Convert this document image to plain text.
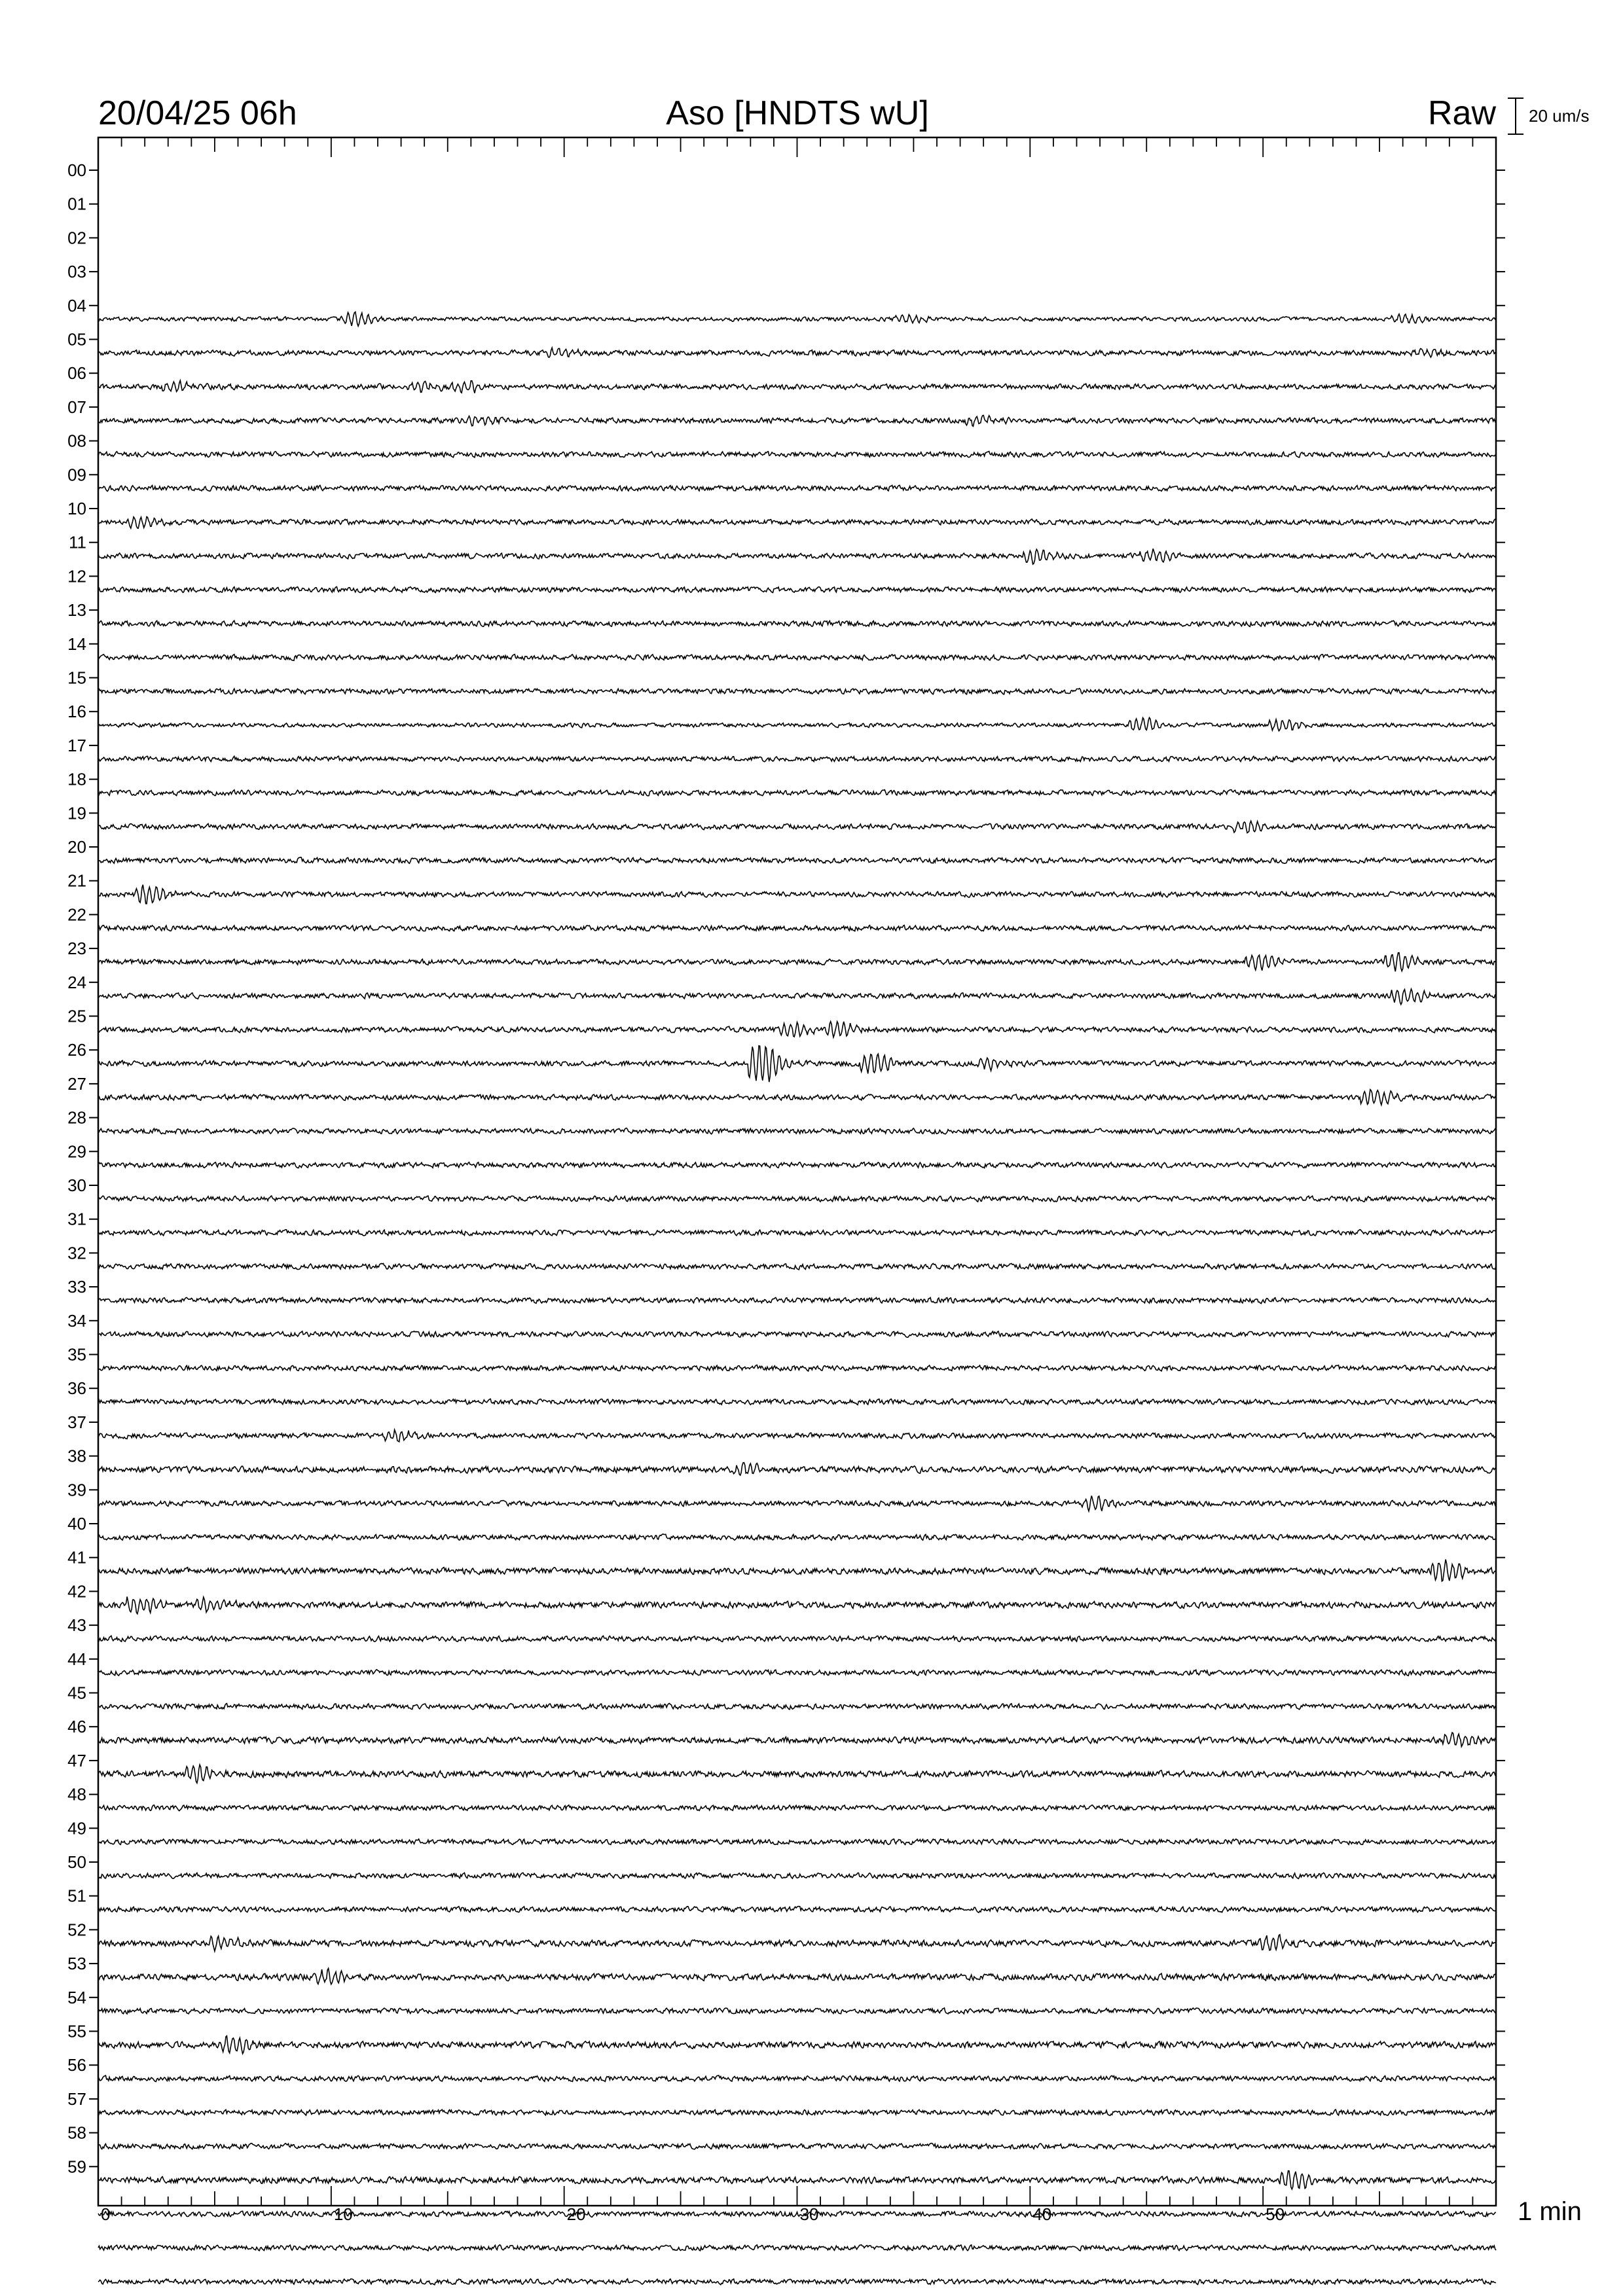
20/04/25 06h	Aso [HNDTS wU]	Raw 20 um/s
00
01
02
03
04
05
06
07
08
09
10
11
12
13
14
15
16
17
18
19
20
21
22
23
24
25
26
27
28
29
30
31
32
33
34
35
36
37
38
39
40
41
42
43
44
45
46
47
48
49
50
51
52
53
54
55
56
57
58
59
0	10	20	30	40	50	1 min
